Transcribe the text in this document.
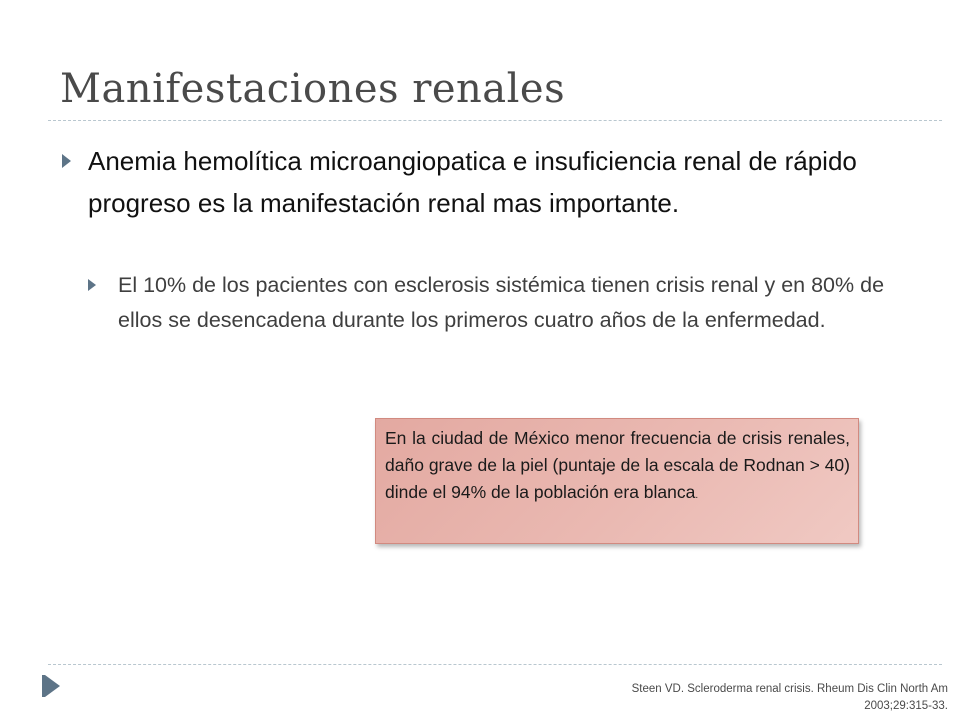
Manifestaciones renales
Anemia hemolítica microangiopatica e insuficiencia renal de rápido progreso es la manifestación renal mas importante.
El 10% de los pacientes con esclerosis sistémica tienen crisis renal y en 80% de ellos se desencadena durante los primeros cuatro años de la enfermedad.
En la ciudad de México menor frecuencia de crisis renales, daño grave de la piel (puntaje de la escala de Rodnan > 40) dinde el 94% de la población era blanca.
Steen VD. Scleroderma renal crisis. Rheum Dis Clin North Am
2003;29:315-33.
